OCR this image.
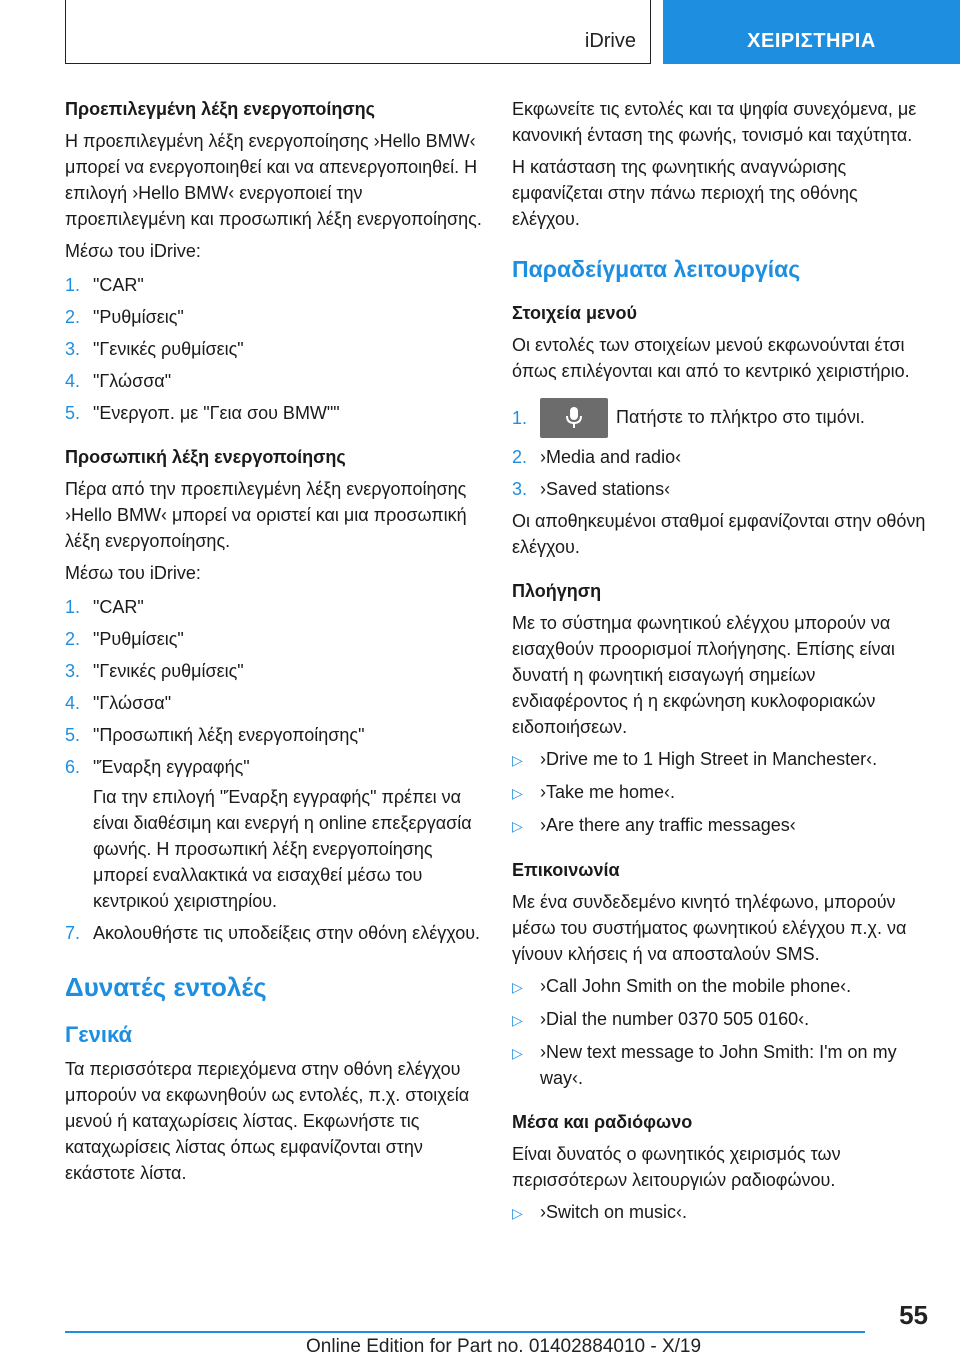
iDrive	ΧΕΙΡΙΣΤΗΡΙΑ
Προεπιλεγμένη λέξη ενεργοποίησης
Η προεπιλεγμένη λέξη ενεργοποίησης ›Hello BMW‹ μπορεί να ενεργοποιηθεί και να απενεργοποιηθεί. Η επιλογή ›Hello BMW‹ ενεργοποιεί την προεπιλεγμένη και προσωπική λέξη ενεργοποίησης.
Μέσω του iDrive:
1. "CAR"
2. "Ρυθμίσεις"
3. "Γενικές ρυθμίσεις"
4. "Γλώσσα"
5. "Ενεργοπ. με "Γεια σου BMW""
Προσωπική λέξη ενεργοποίησης
Πέρα από την προεπιλεγμένη λέξη ενεργοποίησης ›Hello BMW‹ μπορεί να οριστεί και μια προσωπική λέξη ενεργοποίησης.
Μέσω του iDrive:
1. "CAR"
2. "Ρυθμίσεις"
3. "Γενικές ρυθμίσεις"
4. "Γλώσσα"
5. "Προσωπική λέξη ενεργοποίησης"
6. "Έναρξη εγγραφής"
Για την επιλογή "Έναρξη εγγραφής" πρέπει να είναι διαθέσιμη και ενεργή η online επεξεργασία φωνής. Η προσωπική λέξη ενεργοποίησης μπορεί εναλλακτικά να εισαχθεί μέσω του κεντρικού χειριστηρίου.
7. Ακολουθήστε τις υποδείξεις στην οθόνη ελέγχου.
Δυνατές εντολές
Γενικά
Τα περισσότερα περιεχόμενα στην οθόνη ελέγχου μπορούν να εκφωνηθούν ως εντολές, π.χ. στοιχεία μενού ή καταχωρίσεις λίστας. Εκφωνήστε τις καταχωρίσεις λίστας όπως εμφανίζονται στην εκάστοτε λίστα.
Εκφωνείτε τις εντολές και τα ψηφία συνεχόμενα, με κανονική ένταση της φωνής, τονισμό και ταχύτητα.
Η κατάσταση της φωνητικής αναγνώρισης εμφανίζεται στην πάνω περιοχή της οθόνης ελέγχου.
Παραδείγματα λειτουργίας
Στοιχεία μενού
Οι εντολές των στοιχείων μενού εκφωνούνται έτσι όπως επιλέγονται και από το κεντρικό χειριστήριο.
1.	Πατήστε το πλήκτρο στο τιμόνι.
2. ›Media and radio‹
3. ›Saved stations‹
Οι αποθηκευμένοι σταθμοί εμφανίζονται στην οθόνη ελέγχου.
Πλοήγηση
Με το σύστημα φωνητικού ελέγχου μπορούν να εισαχθούν προορισμοί πλοήγησης. Επίσης είναι δυνατή η φωνητική εισαγωγή σημείων ενδιαφέροντος ή η εκφώνηση κυκλοφοριακών ειδοποιήσεων.
▷ ›Drive me to 1 High Street in Manchester‹.
▷ ›Take me home‹.
▷ ›Are there any traffic messages‹
Επικοινωνία
Με ένα συνδεδεμένο κινητό τηλέφωνο, μπορούν μέσω του συστήματος φωνητικού ελέγχου π.χ. να γίνουν κλήσεις ή να αποσταλούν SMS.
▷ ›Call John Smith on the mobile phone‹.
▷ ›Dial the number 0370 505 0160‹.
▷ ›New text message to John Smith: I'm on my way‹.
Μέσα και ραδιόφωνο
Είναι δυνατός ο φωνητικός χειρισμός των περισσότερων λειτουργιών ραδιοφώνου.
▷ ›Switch on music‹.
55
Online Edition for Part no. 01402884010 - X/19
